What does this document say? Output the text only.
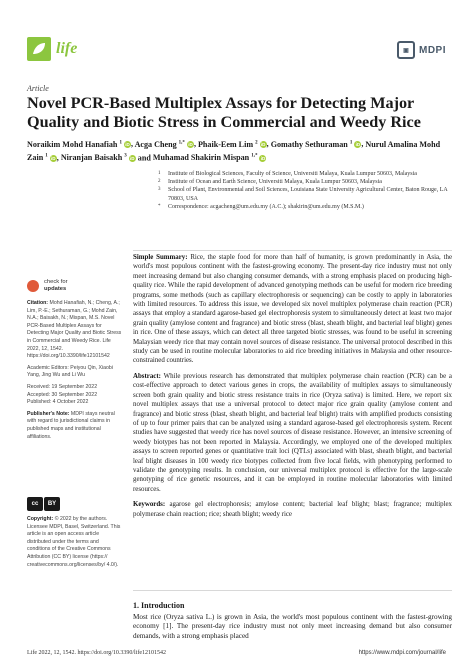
life	▣	MDPI
Article
Novel PCR-Based Multiplex Assays for Detecting Major Quality and Biotic Stress in Commercial and Weedy Rice
Noraikim Mohd Hanafiah $^1$ iD, Acga Cheng $^{1,*}$ iD, Phaik-Eem Lim $^2$ iD, Gomathy Sethuraman $^1$ iD, Nurul Amalina Mohd Zain $^1$ iD, Niranjan Baisakh $^3$ iD and Muhamad Shakirin Mispan $^{1,*}$ iD
1	Institute of Biological Sciences, Faculty of Science, Universiti Malaya, Kuala Lumpur 50603, Malaysia
2	Institute of Ocean and Earth Science, Universiti Malaya, Kuala Lumpur 50603, Malaysia
3	School of Plant, Environmental and Soil Sciences, Louisiana State University Agricultural Center, Baton Rouge, LA 70803, USA
*	Correspondence: acgacheng@um.edu.my (A.C.); shakirin@um.edu.my (M.S.M.)
check for
updates

Citation: Mohd Hanafiah, N.; Cheng, A.; Lim, P.-E.; Sethuraman, G.; Mohd Zain, N.A.; Baisakh, N.; Mispan, M.S. Novel PCR-Based Multiplex Assays for Detecting Major Quality and Biotic Stress in Commercial and Weedy Rice. Life 2022, 12, 1542. https://doi.org/10.3390/life12101542

Academic Editors: Peiyou Qin, Xiaobi Yang, Jing Wu and Li Wu

Received: 19 September 2022

Accepted: 30 September 2022

Published: 4 October 2022

Publisher's Note: MDPI stays neutral with regard to jurisdictional claims in published maps and institutional affiliations.

cc	BY
Copyright: © 2022 by the authors. Licensee MDPI, Basel, Switzerland. This article is an open access article distributed under the terms and conditions of the Creative Commons Attribution (CC BY) license (https:// creativecommons.org/licenses/by/ 4.0/).

Simple Summary: Rice, the staple food for more than half of humanity, is grown predominantly in Asia, the world's most populous continent with the fastest-growing economy. The present-day rice industry must not only meet increasing demand but also changing consumer demands, with a strong emphasis placed on producing high-quality rice. While the rapid development of advanced genotyping methods can be useful for modern rice breeding programs, some methods (such as capillary electrophoresis or sequencing) can be costly to apply in laboratories with limited resources. To address this issue, we developed six novel multiplex polymerase chain reaction (PCR) assays that employ a standard agarose-based gel electrophoresis system to simultaneously detect at least two major grain quality (amylose content and fragrance) and biotic stress (blast, sheath blight, and bacterial leaf blight) genes in rice. One of these assays, which can detect all three targeted biotic stresses, was found to be useful in screening Malaysian weedy rice that may contain novel sources of disease resistance. The universal protocol described in this study can be used in routine molecular laboratories to aid rice breeding initiatives in Malaysia and other resource-constrained countries.

Abstract: While previous research has demonstrated that multiplex polymerase chain reaction (PCR) can be a cost-effective approach to detect various genes in crops, the availability of multiplex assays to simultaneously screen both grain quality and biotic stress resistance traits in rice (Oryza sativa) is limited. Here, we report six novel multiplex assays that use a universal protocol to detect major rice grain quality (amylose content and fragrance) and biotic stress (blast, sheath blight, and bacterial leaf blight) traits with amplified products consisting of up to four primer pairs that can be analyzed using a standard agarose-based gel electrophoresis system. Recent studies have suggested that weedy rice has novel sources of disease resistance. However, an intensive screening of weedy biotypes has not been reported in Malaysia. Accordingly, we employed one of the developed multiplex assays to screen reported genes or quantitative trait loci (QTLs) associated with blast, sheath blight, and bacterial leaf blight diseases in 100 weedy rice biotypes collected from five local fields, with phenotyping performed to validate the genotyping results. In conclusion, our universal multiplex protocol is effective for the large-scale genotyping of rice genetic resources, and it can be employed in routine molecular laboratories with limited resources.

Keywords: agarose gel electrophoresis; amylose content; bacterial leaf blight; blast; fragrance; multiplex polymerase chain reaction; rice; sheath blight; weedy rice

1. Introduction
Most rice (Oryza sativa L.) is grown in Asia, the world's most populous continent with the fastest-growing economy [1]. The present-day rice industry must not only meet increasing demand but also consumer demands, with a strong emphasis placed
Life 2022, 12, 1542. https://doi.org/10.3390/life12101542	https://www.mdpi.com/journal/life
